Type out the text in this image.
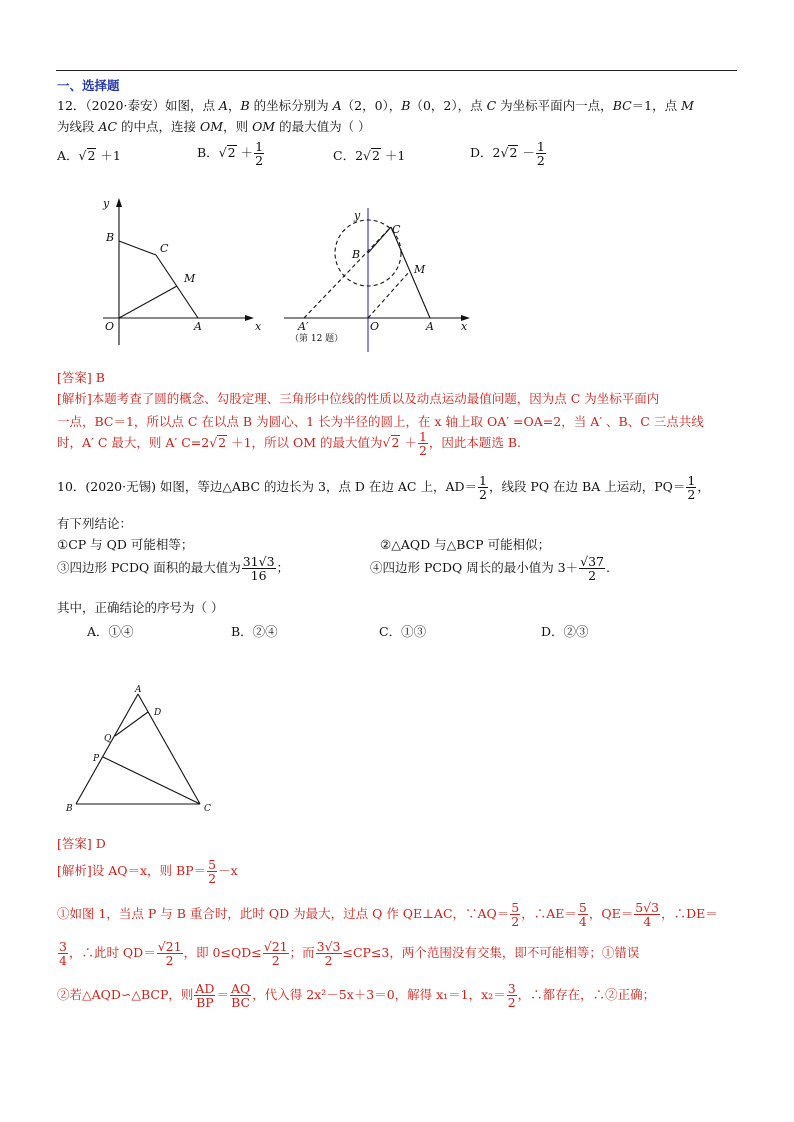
一、选择题
12．（2020·泰安）如图，点 A，B 的坐标分别为 A（2，0），B（0，2），点 C 为坐标平面内一点，BC＝1，点 M
为线段 AC 的中点，连接 OM，则 OM 的最大值为（ ）
A．√2 ＋1	B．$√2 + \frac{1}{2}$	C．2√2 ＋1	D．$2√2 - \frac{1}{2}$
y
B
C
M
O	A	x
y
B
C
M
A′	O	A x
（第 12 题）
[答案] B
[解析]本题考查了圆的概念、勾股定理、三角形中位线的性质以及动点运动最值问题，因为点 C 为坐标平面内
一点，BC＝1，所以点 C 在以点 B 为圆心、1 长为半径的圆上，在 x 轴上取 OA′ =OA=2，当 A′ 、B、C 三点共线
时，A′ C 最大，则 A′ C=2√2 ＋1，所以 OM 的最大值为$√2 + \frac{1}{2}$ ，因此本题选 B.
10．(2020·无锡) 如图，等边△ABC 的边长为 3，点 D 在边 AC 上，$AD= \frac{1}{2}$ ，线段 PQ 在边 BA 上运动，$PQ= \frac{1}{2}$ ，
有下列结论：
①CP 与 QD 可能相等；	②△AQD 与△BCP 可能相似；
③四边形 PCDQ 面积的最大值为 $\frac{31√3}{16}$ ；	④四边形 PCDQ 周长的最小值为 $3+ \frac{√37}{2}$ .
其中，正确结论的序号为（ ）
A．①④	B．②④	C．①③	D．②③
A
D
Q
P
B	C
[答案] D
[解析]设 AQ＝x，则 $BP= \frac{5}{2} -x$
①如图 1，当点 P 与 B 重合时，此时 QD 为最大，过点 Q 作 QE⊥AC，∵AQ＝ $\frac{5}{2}$ ，∴AE＝ $\frac{5}{4}$ ，$QE= \frac{5√3}{4}$ ，∴DE＝
$\frac{3}{4}$ ，∴此时 $QD= \frac{√21}{2}$ ，即 $0\le QD\le \frac{√21}{2}$ ；而 $\frac{3√3}{2} \le CP\le 3$，两个范围没有交集，即不可能相等；①错误
②若△AQD∽△BCP，则 $\frac{AD}{BP} = \frac{AQ}{BC}$ ，代入得 2x²－5x＋3＝0，解得 x₁＝1，$x_2= \frac{3}{2}$ ，∴都存在，∴②正确；
